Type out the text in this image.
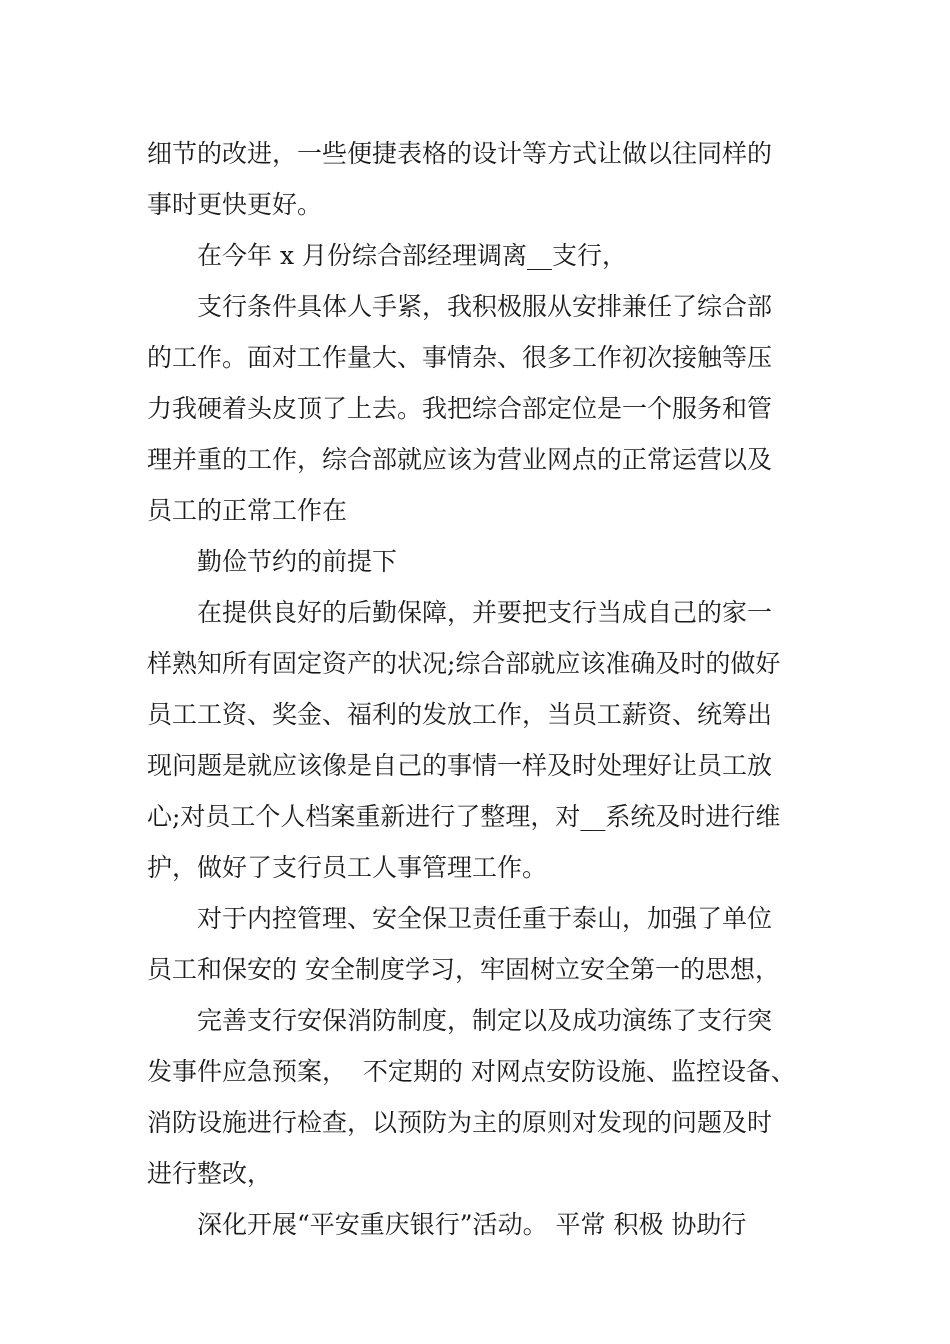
细节的改进，一些便捷表格的设计等方式让做以往同样的
事时更快更好。
在今年 x 月份综合部经理调离__支行，
支行条件具体人手紧，我积极服从安排兼任了综合部
的工作。面对工作量大、事情杂、很多工作初次接触等压
力我硬着头皮顶了上去。我把综合部定位是一个服务和管
理并重的工作，综合部就应该为营业网点的正常运营以及
员工的正常工作在
勤俭节约的前提下
在提供良好的后勤保障，并要把支行当成自己的家一
样熟知所有固定资产的状况;综合部就应该准确及时的做好
员工工资、奖金、福利的发放工作，当员工薪资、统筹出
现问题是就应该像是自己的事情一样及时处理好让员工放
心;对员工个人档案重新进行了整理，对__系统及时进行维
护，做好了支行员工人事管理工作。
对于内控管理、安全保卫责任重于泰山，加强了单位
员工和保安的 安全制度学习，牢固树立安全第一的思想，
完善支行安保消防制度，制定以及成功演练了支行突
发事件应急预案，  不定期的 对网点安防设施、监控设备、
消防设施进行检查，以预防为主的原则对发现的问题及时
进行整改，
深化开展“平安重庆银行”活动。 平常 积极 协助行
